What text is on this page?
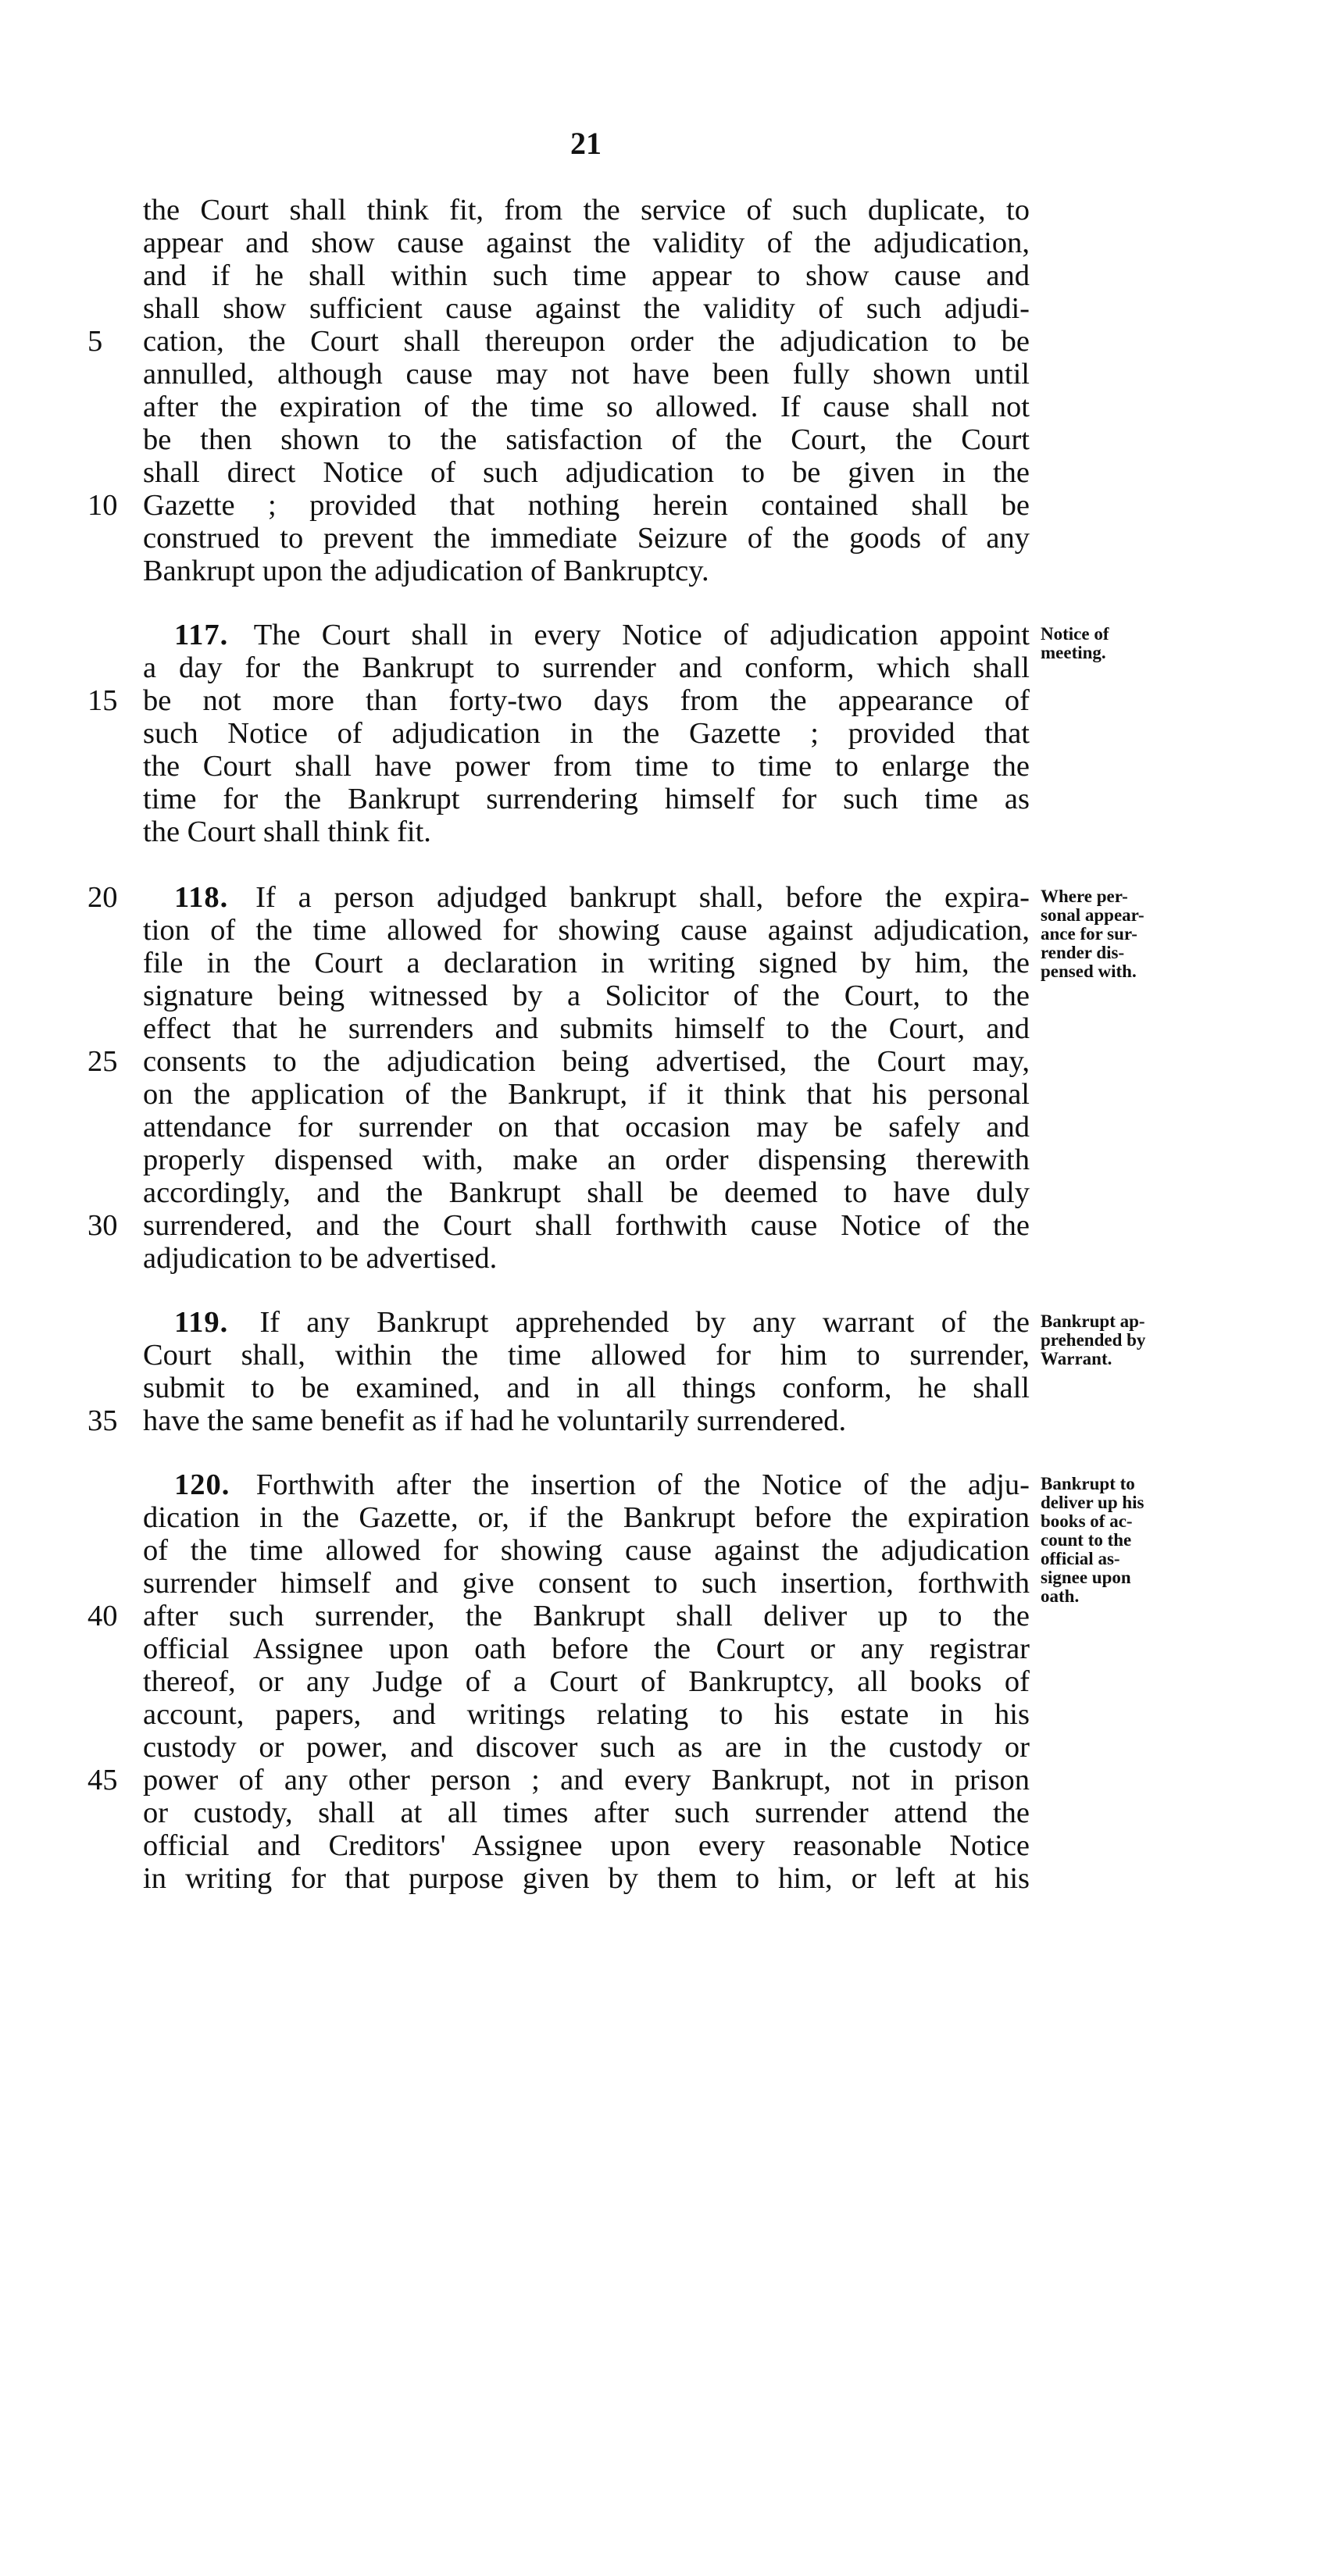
21
the Court shall think fit, from the service of such duplicate, to
appear and show cause against the validity of the adjudication,
and if he shall within such time appear to show cause and
shall show sufficient cause against the validity of such adjudi-
5	cation, the Court shall thereupon order the adjudication to be
annulled, although cause may not have been fully shown until
after the expiration of the time so allowed. If cause shall not
be then shown to the satisfaction of the Court, the Court
shall direct Notice of such adjudication to be given in the
10 Gazette ; provided that nothing herein contained shall be
construed to prevent the immediate Seizure of the goods of any
Bankrupt upon the adjudication of Bankruptcy.
117. The Court shall in every Notice of adjudication appoint
a day for the Bankrupt to surrender and conform, which shall
15 be not more than forty-two days from the appearance of
such Notice of adjudication in the Gazette ; provided that
the Court shall have power from time to time to enlarge the
time for the Bankrupt surrendering himself for such time as
the Court shall think fit.
Notice of
meeting.
20	118. If a person adjudged bankrupt shall, before the expira-
tion of the time allowed for showing cause against adjudication,
file in the Court a declaration in writing signed by him, the
signature being witnessed by a Solicitor of the Court, to the
effect that he surrenders and submits himself to the Court, and
25 consents to the adjudication being advertised, the Court may,
on the application of the Bankrupt, if it think that his personal
attendance for surrender on that occasion may be safely and
properly dispensed with, make an order dispensing therewith
accordingly, and the Bankrupt shall be deemed to have duly
30 surrendered, and the Court shall forthwith cause Notice of the
adjudication to be advertised.
Where per-
sonal appear-
ance for sur-
render dis-
pensed with.
119. If any Bankrupt apprehended by any warrant of the
Court shall, within the time allowed for him to surrender,
submit to be examined, and in all things conform, he shall
35 have the same benefit as if had he voluntarily surrendered.
Bankrupt ap-
prehended by
Warrant.
120. Forthwith after the insertion of the Notice of the adju-
dication in the Gazette, or, if the Bankrupt before the expiration
of the time allowed for showing cause against the adjudication
surrender himself and give consent to such insertion, forthwith
40 after such surrender, the Bankrupt shall deliver up to the
official Assignee upon oath before the Court or any registrar
thereof, or any Judge of a Court of Bankruptcy, all books of
account, papers, and writings relating to his estate in his
custody or power, and discover such as are in the custody or
45 power of any other person ; and every Bankrupt, not in prison
or custody, shall at all times after such surrender attend the
official and Creditors' Assignee upon every reasonable Notice
in writing for that purpose given by them to him, or left at his
Bankrupt to
deliver up his
books of ac-
count to the
official as-
signee upon
oath.
